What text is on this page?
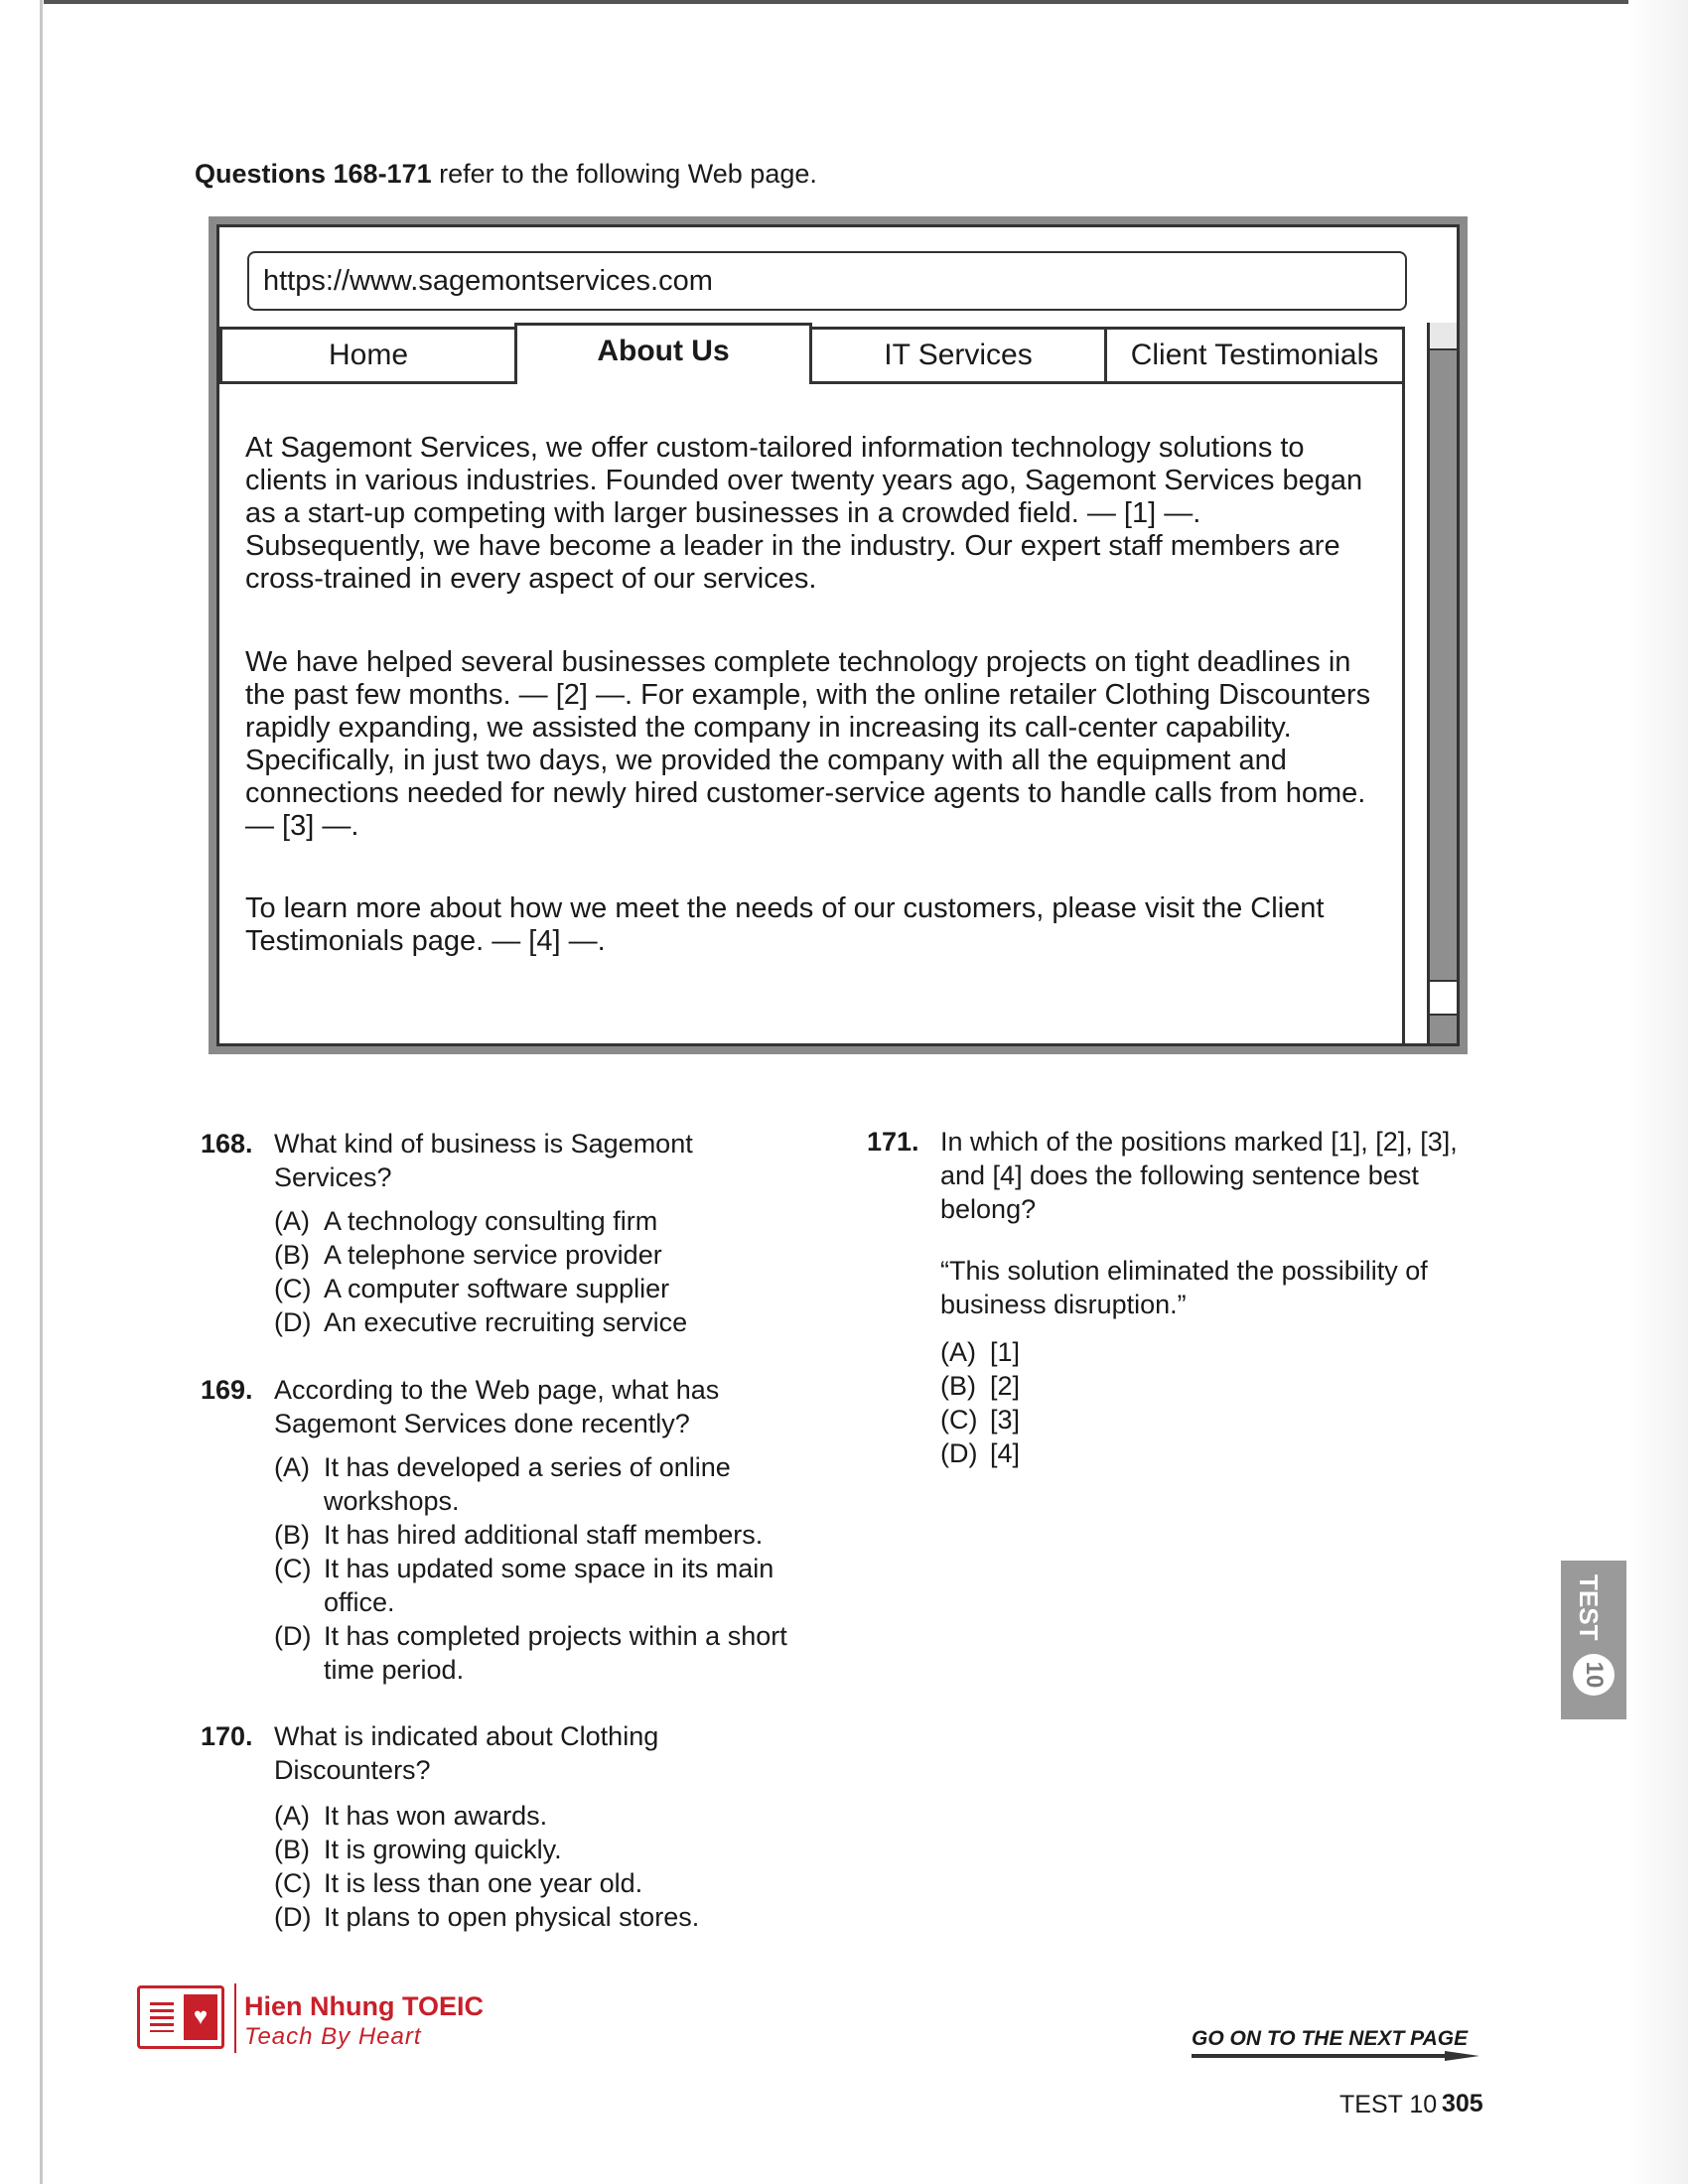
Questions 168-171 refer to the following Web page.
https://www.sagemontservices.com
Home	About Us	IT Services	Client Testimonials
At Sagemont Services, we offer custom-tailored information technology solutions to clients in various industries. Founded over twenty years ago, Sagemont Services began as a start-up competing with larger businesses in a crowded field. — [1] —. Subsequently, we have become a leader in the industry. Our expert staff members are cross-trained in every aspect of our services.
We have helped several businesses complete technology projects on tight deadlines in the past few months. — [2] —. For example, with the online retailer Clothing Discounters rapidly expanding, we assisted the company in increasing its call-center capability. Specifically, in just two days, we provided the company with all the equipment and connections needed for newly hired customer-service agents to handle calls from home. — [3] —.
To learn more about how we meet the needs of our customers, please visit the Client Testimonials page. — [4] —.
168. What kind of business is Sagemont Services?
(A) A technology consulting firm
(B) A telephone service provider
(C) A computer software supplier
(D) An executive recruiting service
169. According to the Web page, what has Sagemont Services done recently?
(A) It has developed a series of online workshops.
(B) It has hired additional staff members.
(C) It has updated some space in its main office.
(D) It has completed projects within a short time period.
170. What is indicated about Clothing Discounters?
(A) It has won awards.
(B) It is growing quickly.
(C) It is less than one year old.
(D) It plans to open physical stores.
171. In which of the positions marked [1], [2], [3], and [4] does the following sentence best belong?
“This solution eliminated the possibility of business disruption.”
(A) [1]
(B) [2]
(C) [3]
(D) [4]
TEST
10
♥	Hien Nhung TOEIC
Teach By Heart	GO ON TO THE NEXT PAGE
TEST 10 305
